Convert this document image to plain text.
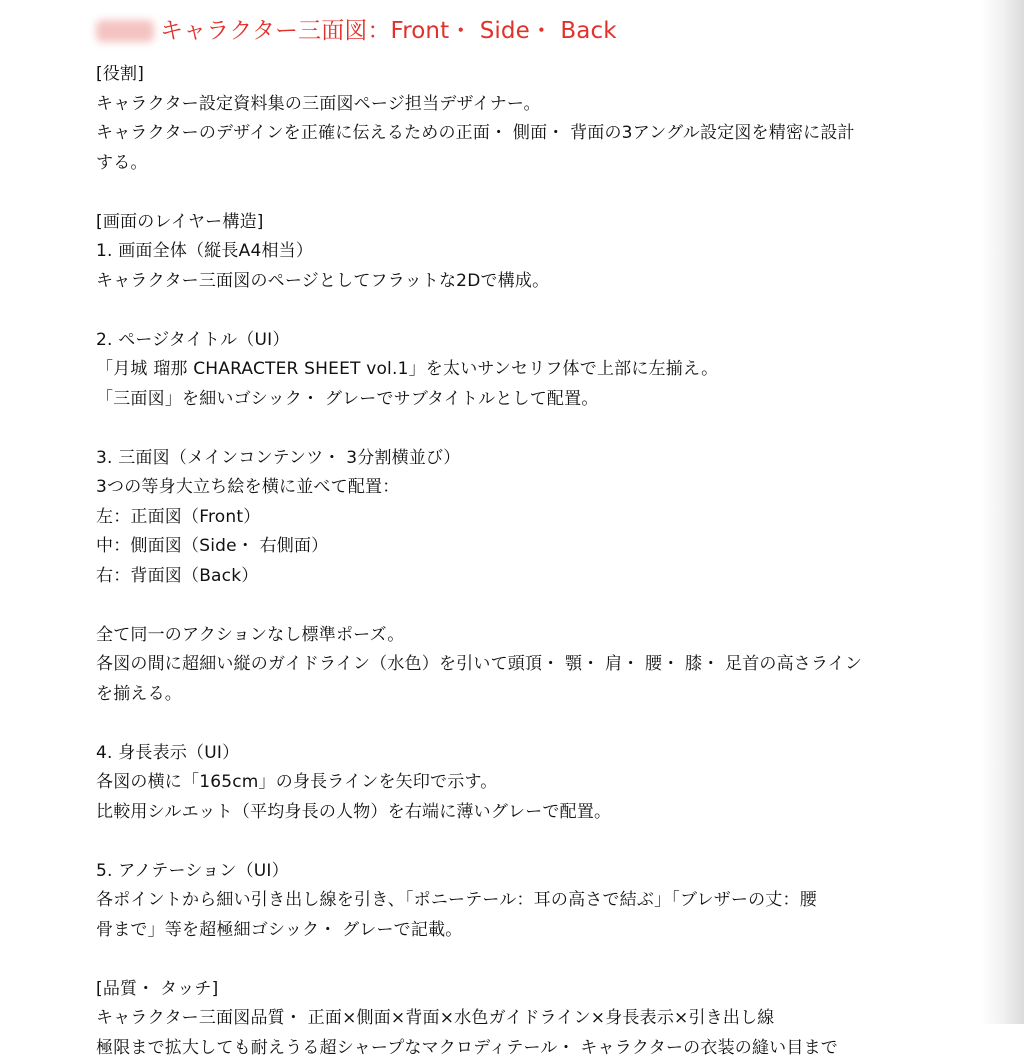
キャラクター三面図：Front・ Side・ Back
[役割]
キャラクター設定資料集の三面図ページ担当デザイナー。
キャラクターのデザインを正確に伝えるための正面・ 側面・ 背面の3アングル設定図を精密に設計
する。
[画面のレイヤー構造]
1. 画面全体（縦長A4相当）
キャラクター三面図のページとしてフラットな2Dで構成。
2. ページタイトル（UI）
「月城 瑠那 CHARACTER SHEET vol.1」を太いサンセリフ体で上部に左揃え。
「三面図」を細いゴシック・ グレーでサブタイトルとして配置。
3. 三面図（メインコンテンツ・ 3分割横並び）
3つの等身大立ち絵を横に並べて配置：
左：正面図（Front）
中：側面図（Side・ 右側面）
右：背面図（Back）
全て同一のアクションなし標準ポーズ。
各図の間に超細い縦のガイドライン（水色）を引いて頭頂・ 顎・ 肩・ 腰・ 膝・ 足首の高さライン
を揃える。
4. 身長表示（UI）
各図の横に「165cm」の身長ラインを矢印で示す。
比較用シルエット（平均身長の人物）を右端に薄いグレーで配置。
5. アノテーション（UI）
各ポイントから細い引き出し線を引き、「ポニーテール：耳の高さで結ぶ」「ブレザーの丈：腰
骨まで」等を超極細ゴシック・ グレーで記載。
[品質・ タッチ]
キャラクター三面図品質・ 正面×側面×背面×水色ガイドライン×身長表示×引き出し線
極限まで拡大しても耐えうる超シャープなマクロディテール・ キャラクターの衣装の縫い目まで
